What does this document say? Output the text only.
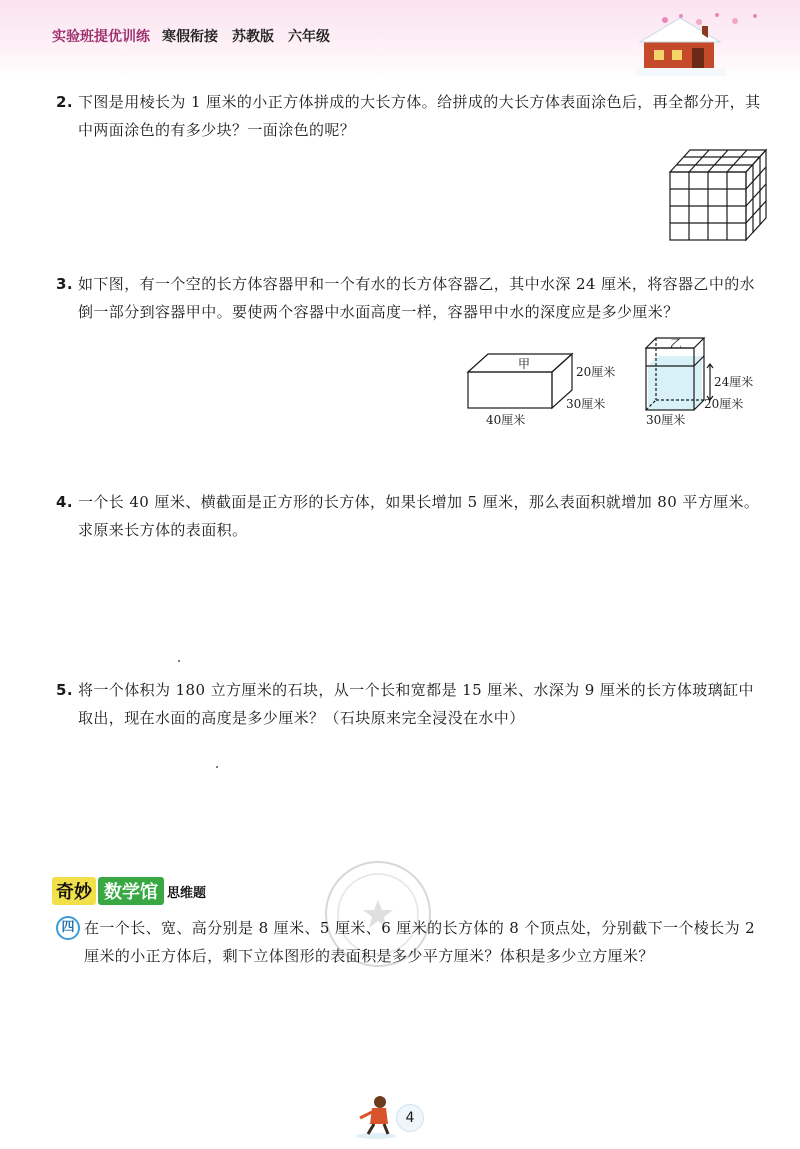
实验班提优训练 寒假衔接　苏教版　六年级
2. 下图是用棱长为 1 厘米的小正方体拼成的大长方体。给拼成的大长方体表面涂色后，再全都分开，其中两面涂色的有多少块？一面涂色的呢？
3. 如下图，有一个空的长方体容器甲和一个有水的长方体容器乙，其中水深 24 厘米，将容器乙中的水倒一部分到容器甲中。要使两个容器中水面高度一样，容器甲中水的深度应是多少厘米？
甲
20厘米
30厘米
40厘米
乙
24厘米
20厘米
30厘米
4. 一个长 40 厘米、横截面是正方形的长方体，如果长增加 5 厘米，那么表面积就增加 80 平方厘米。求原来长方体的表面积。
5. 将一个体积为 180 立方厘米的石块，从一个长和宽都是 15 厘米、水深为 9 厘米的长方体玻璃缸中取出，现在水面的高度是多少厘米？（石块原来完全浸没在水中）
奇妙 数学馆 思维题
四 在一个长、宽、高分别是 8 厘米、5 厘米、6 厘米的长方体的 8 个顶点处，分别截下一个棱长为 2 厘米的小正方体后，剩下立体图形的表面积是多少平方厘米？体积是多少立方厘米？
4
